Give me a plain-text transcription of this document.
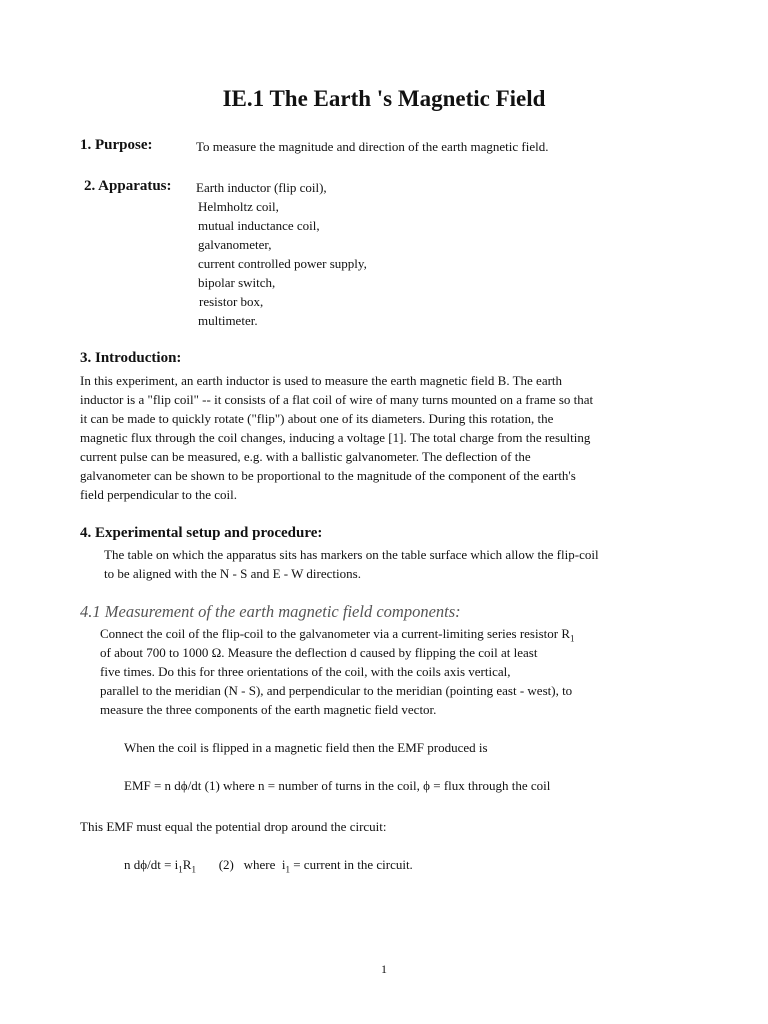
IE.1 The Earth 's Magnetic Field
1. Purpose:	To measure the magnitude and direction of the earth magnetic field.
2. Apparatus: Earth inductor (flip coil),
Helmholtz coil,
mutual inductance coil,
galvanometer,
current controlled power supply,
bipolar switch,
resistor box,
multimeter.
3. Introduction:
In this experiment, an earth inductor is used to measure the earth magnetic field B. The earth
inductor is a "flip coil" -- it consists of a flat coil of wire of many turns mounted on a frame so that
it can be made to quickly rotate ("flip") about one of its diameters. During this rotation, the
magnetic flux through the coil changes, inducing a voltage [1]. The total charge from the resulting
current pulse can be measured, e.g. with a ballistic galvanometer. The deflection of the
galvanometer can be shown to be proportional to the magnitude of the component of the earth's
field perpendicular to the coil.
4. Experimental setup and procedure:
The table on which the apparatus sits has markers on the table surface which allow the flip-coil
to be aligned with the N - S and E - W directions.
4.1 Measurement of the earth magnetic field components:
Connect the coil of the flip-coil to the galvanometer via a current-limiting series resistor $R_1$
of about 700 to 1000 Ω. Measure the deflection d caused by flipping the coil at least
five times. Do this for three orientations of the coil, with the coils axis vertical,
parallel to the meridian (N - S), and perpendicular to the meridian (pointing east - west), to
measure the three components of the earth magnetic field vector.
When the coil is flipped in a magnetic field then the EMF produced is
EMF = n dϕ/dt (1) where n = number of turns in the coil, ϕ = flux through the coil
This EMF must equal the potential drop around the circuit:
n $d\phi/dt = i_1R_1$       (2)   where  $i_1$ = current in the circuit.
1
